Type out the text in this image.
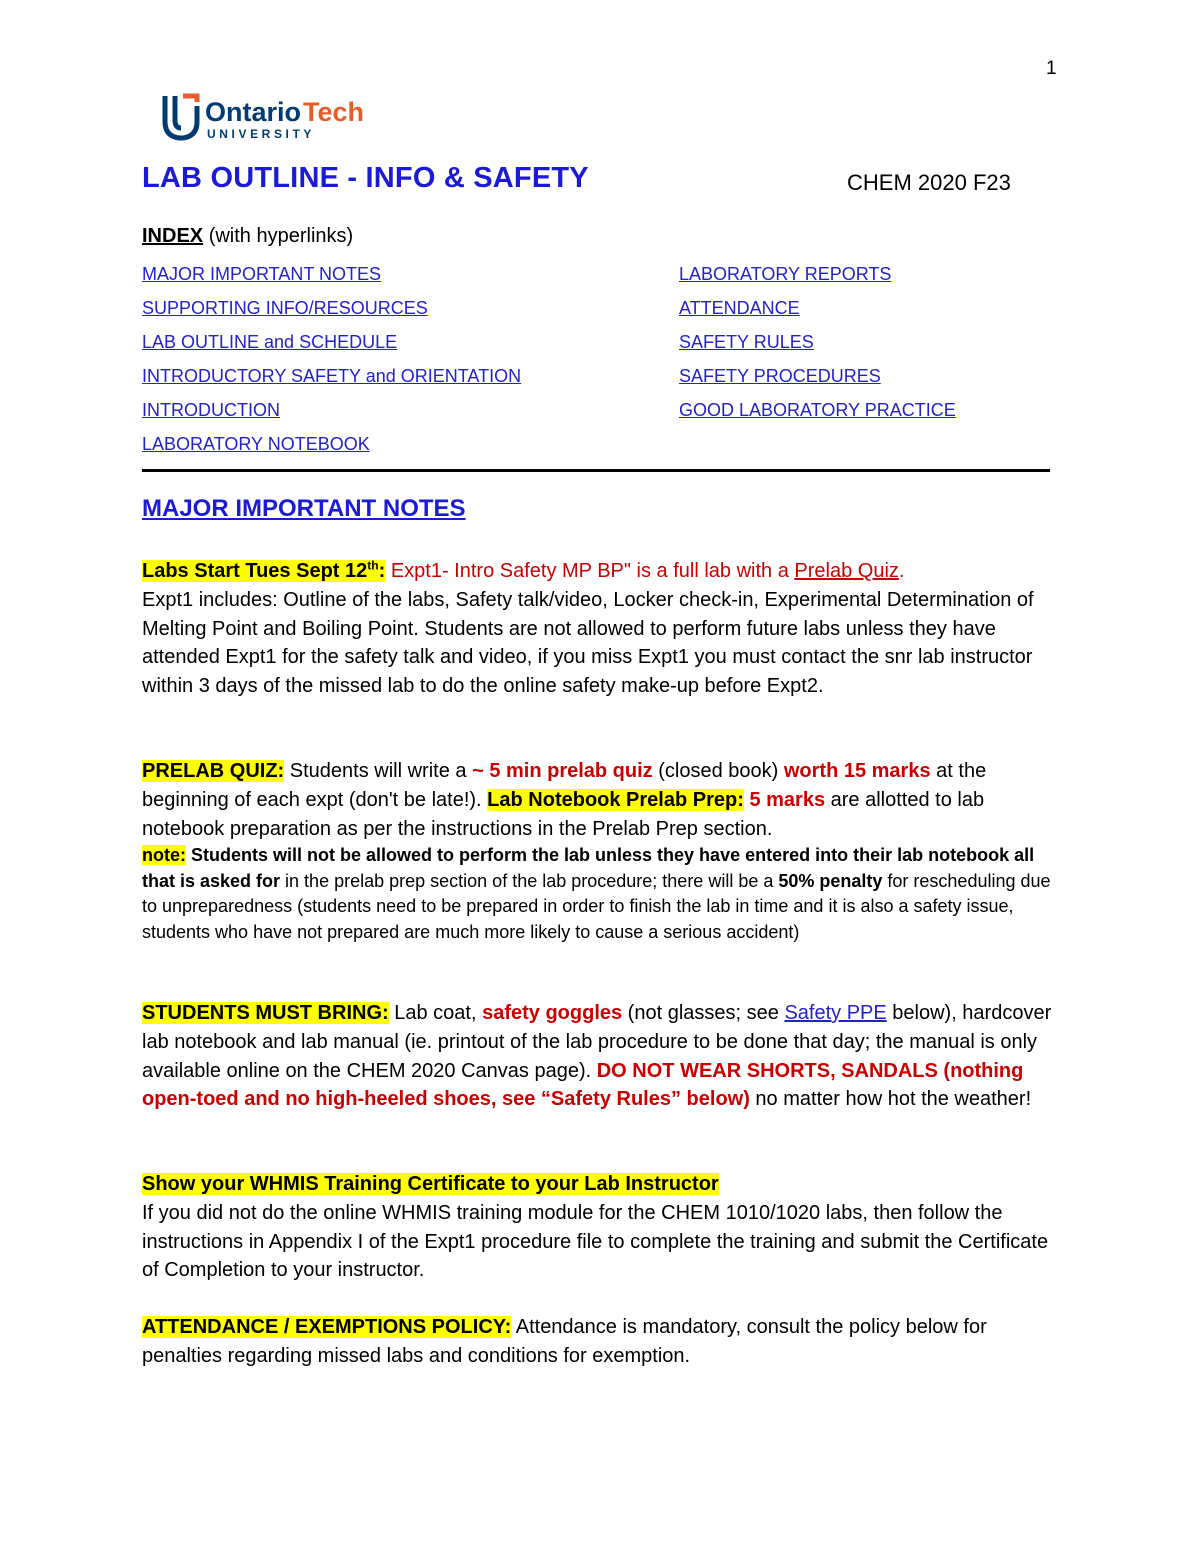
1
Ontario Tech
UNIVERSITY
LAB OUTLINE - INFO & SAFETY	CHEM 2020 F23
INDEX (with hyperlinks)
MAJOR IMPORTANT NOTES
SUPPORTING INFO/RESOURCES
LAB OUTLINE and SCHEDULE
INTRODUCTORY SAFETY and ORIENTATION
INTRODUCTION
LABORATORY NOTEBOOK
LABORATORY REPORTS
ATTENDANCE
SAFETY RULES
SAFETY PROCEDURES
GOOD LABORATORY PRACTICE
MAJOR IMPORTANT NOTES
Labs Start Tues Sept 12th: Expt1- Intro Safety MP BP" is a full lab with a Prelab Quiz.
Expt1 includes: Outline of the labs, Safety talk/video, Locker check-in, Experimental Determination of Melting Point and Boiling Point. Students are not allowed to perform future labs unless they have attended Expt1 for the safety talk and video, if you miss Expt1 you must contact the snr lab instructor within 3 days of the missed lab to do the online safety make-up before Expt2.
PRELAB QUIZ: Students will write a ~ 5 min prelab quiz (closed book) worth 15 marks at the beginning of each expt (don't be late!). Lab Notebook Prelab Prep: 5 marks are allotted to lab notebook preparation as per the instructions in the Prelab Prep section.
note: Students will not be allowed to perform the lab unless they have entered into their lab notebook all that is asked for in the prelab prep section of the lab procedure; there will be a 50% penalty for rescheduling due to unpreparedness (students need to be prepared in order to finish the lab in time and it is also a safety issue, students who have not prepared are much more likely to cause a serious accident)
STUDENTS MUST BRING: Lab coat, safety goggles (not glasses; see Safety PPE below), hardcover lab notebook and lab manual (ie. printout of the lab procedure to be done that day; the manual is only available online on the CHEM 2020 Canvas page). DO NOT WEAR SHORTS, SANDALS (nothing open-toed and no high-heeled shoes, see “Safety Rules” below) no matter how hot the weather!
Show your WHMIS Training Certificate to your Lab Instructor
If you did not do the online WHMIS training module for the CHEM 1010/1020 labs, then follow the instructions in Appendix I of the Expt1 procedure file to complete the training and submit the Certificate of Completion to your instructor.
ATTENDANCE / EXEMPTIONS POLICY: Attendance is mandatory, consult the policy below for penalties regarding missed labs and conditions for exemption.
